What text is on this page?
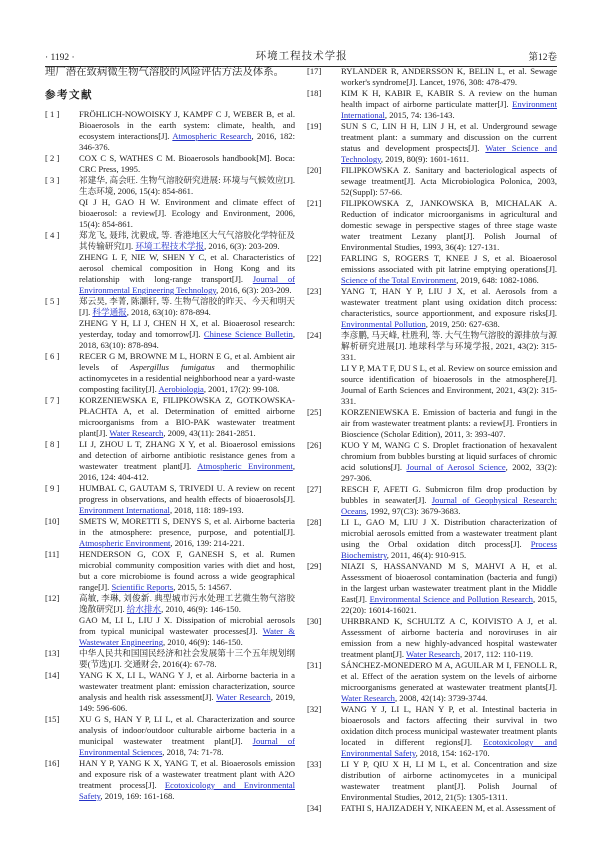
· 1192 ·	环境工程技术学报	第12卷
理厂潜在致病微生物气溶胶的风险评估方法及体系。
参考文献
[ 1 ]	FRÖHLICH-NOWOISKY J, KAMPF C J, WEBER B, et al. Bioaerosols in the earth system: climate, health, and ecosystem interactions[J]. Atmospheric Research, 2016, 182: 346-376.
[ 2 ]	COX C S, WATHES C M. Bioaerosols handbook[M]. Boca: CRC Press, 1995.
[ 3 ]	祁建华, 高会旺. 生物气溶胶研究进展: 环境与气候效应[J]. 生态环境, 2006, 15(4): 854-861.
QI J H, GAO H W. Environment and climate effect of bioaerosol: a review[J]. Ecology and Environment, 2006, 15(4): 854-861.
[ 4 ]	郑龙飞, 聂玮, 沈毅成, 等. 香港地区大气气溶胶化学特征及其传输研究[J]. 环境工程技术学报, 2016, 6(3): 203-209.
ZHENG L F, NIE W, SHEN Y C, et al. Characteristics of aerosol chemical composition in Hong Kong and its relationship with long-range transport[J]. Journal of Environmental Engineering Technology, 2016, 6(3): 203-209.
[ 5 ]	郑云昊, 李菁, 陈灏轩, 等. 生物气溶胶的昨天、今天和明天[J]. 科学通报, 2018, 63(10): 878-894.
ZHENG Y H, LI J, CHEN H X, et al. Bioaerosol research: yesterday, today and tomorrow[J]. Chinese Science Bulletin, 2018, 63(10): 878-894.
[ 6 ]	RECER G M, BROWNE M L, HORN E G, et al. Ambient air levels of Aspergillus fumigatus and thermophilic actinomycetes in a residential neighborhood near a yard-waste composting facility[J]. Aerobiologia, 2001, 17(2): 99-108.
[ 7 ]	KORZENIEWSKA E, FILIPKOWSKA Z, GOTKOWSKA-PŁACHTA A, et al. Determination of emitted airborne microorganisms from a BIO-PAK wastewater treatment plant[J]. Water Research, 2009, 43(11): 2841-2851.
[ 8 ]	LI J, ZHOU L T, ZHANG X Y, et al. Bioaerosol emissions and detection of airborne antibiotic resistance genes from a wastewater treatment plant[J]. Atmospheric Environment, 2016, 124: 404-412.
[ 9 ]	HUMBAL C, GAUTAM S, TRIVEDI U. A review on recent progress in observations, and health effects of bioaerosols[J]. Environment International, 2018, 118: 189-193.
[10]	SMETS W, MORETTI S, DENYS S, et al. Airborne bacteria in the atmosphere: presence, purpose, and potential[J]. Atmospheric Environment, 2016, 139: 214-221.
[11]	HENDERSON G, COX F, GANESH S, et al. Rumen microbial community composition varies with diet and host, but a core microbiome is found across a wide geographical range[J]. Scientific Reports, 2015, 5: 14567.
[12]	高敏, 李琳, 刘俊新. 典型城市污水处理工艺微生物气溶胶逸散研究[J]. 给水排水, 2010, 46(9): 146-150.
GAO M, LI L, LIU J X. Dissipation of microbial aerosols from typical municipal wastewater processes[J]. Water & Wastewater Engineering, 2010, 46(9): 146-150.
[13]	中华人民共和国国民经济和社会发展第十三个五年规划纲要(节选)[J]. 交通财会, 2016(4): 67-78.
[14]	YANG K X, LI L, WANG Y J, et al. Airborne bacteria in a wastewater treatment plant: emission characterization, source analysis and health risk assessment[J]. Water Research, 2019, 149: 596-606.
[15]	XU G S, HAN Y P, LI L, et al. Characterization and source analysis of indoor/outdoor culturable airborne bacteria in a municipal wastewater treatment plant[J]. Journal of Environmental Sciences, 2018, 74: 71-78.
[16]	HAN Y P, YANG K X, YANG T, et al. Bioaerosols emission and exposure risk of a wastewater treatment plant with A2O treatment process[J]. Ecotoxicology and Environmental Safety, 2019, 169: 161-168.
[17]	RYLANDER R, ANDERSSON K, BELIN L, et al. Sewage worker's syndrome[J]. Lancet, 1976, 308: 478-479.
[18]	KIM K H, KABIR E, KABIR S. A review on the human health impact of airborne particulate matter[J]. Environment International, 2015, 74: 136-143.
[19]	SUN S C, LIN H H, LIN J H, et al. Underground sewage treatment plant: a summary and discussion on the current status and development prospects[J]. Water Science and Technology, 2019, 80(9): 1601-1611.
[20]	FILIPKOWSKA Z. Sanitary and bacteriological aspects of sewage treatment[J]. Acta Microbiologica Polonica, 2003, 52(Suppl): 57-66.
[21]	FILIPKOWSKA Z, JANKOWSKA B, MICHALAK A. Reduction of indicator microorganisms in agricultural and domestic sewage in perspective stages of three stage waste water treatment Lezany plant[J]. Polish Journal of Environmental Studies, 1993, 36(4): 127-131.
[22]	FARLING S, ROGERS T, KNEE J S, et al. Bioaerosol emissions associated with pit latrine emptying operations[J]. Science of the Total Environment, 2019, 648: 1082-1086.
[23]	YANG T, HAN Y P, LIU J X, et al. Aerosols from a wastewater treatment plant using oxidation ditch process: characteristics, source apportionment, and exposure risks[J]. Environmental Pollution, 2019, 250: 627-638.
[24]	李彦鹏, 马天峰, 杜胜利, 等. 大气生物气溶胶的源排放与源解析研究进展[J]. 地球科学与环境学报, 2021, 43(2): 315-331.
LI Y P, MA T F, DU S L, et al. Review on source emission and source identification of bioaerosols in the atmosphere[J]. Journal of Earth Sciences and Environment, 2021, 43(2): 315-331.
[25]	KORZENIEWSKA E. Emission of bacteria and fungi in the air from wastewater treatment plants: a review[J]. Frontiers in Bioscience (Scholar Edition), 2011, 3: 393-407.
[26]	KUO Y M, WANG C S. Droplet fractionation of hexavalent chromium from bubbles bursting at liquid surfaces of chromic acid solutions[J]. Journal of Aerosol Science, 2002, 33(2): 297-306.
[27]	RESCH F, AFETI G. Submicron film drop production by bubbles in seawater[J]. Journal of Geophysical Research: Oceans, 1992, 97(C3): 3679-3683.
[28]	LI L, GAO M, LIU J X. Distribution characterization of microbial aerosols emitted from a wastewater treatment plant using the Orbal oxidation ditch process[J]. Process Biochemistry, 2011, 46(4): 910-915.
[29]	NIAZI S, HASSANVAND M S, MAHVI A H, et al. Assessment of bioaerosol contamination (bacteria and fungi) in the largest urban wastewater treatment plant in the Middle East[J]. Environmental Science and Pollution Research, 2015, 22(20): 16014-16021.
[30]	UHRBRAND K, SCHULTZ A C, KOIVISTO A J, et al. Assessment of airborne bacteria and noroviruses in air emission from a new highly-advanced hospital wastewater treatment plant[J]. Water Research, 2017, 112: 110-119.
[31]	SÁNCHEZ-MONEDERO M A, AGUILAR M I, FENOLL R, et al. Effect of the aeration system on the levels of airborne microorganisms generated at wastewater treatment plants[J]. Water Research, 2008, 42(14): 3739-3744.
[32]	WANG Y J, LI L, HAN Y P, et al. Intestinal bacteria in bioaerosols and factors affecting their survival in two oxidation ditch process municipal wastewater treatment plants located in different regions[J]. Ecotoxicology and Environmental Safety, 2018, 154: 162-170.
[33]	LI Y P, QIU X H, LI M L, et al. Concentration and size distribution of airborne actinomycetes in a municipal wastewater treatment plant[J]. Polish Journal of Environmental Studies, 2012, 21(5): 1305-1311.
[34]	FATHI S, HAJIZADEH Y, NIKAEEN M, et al. Assessment of
